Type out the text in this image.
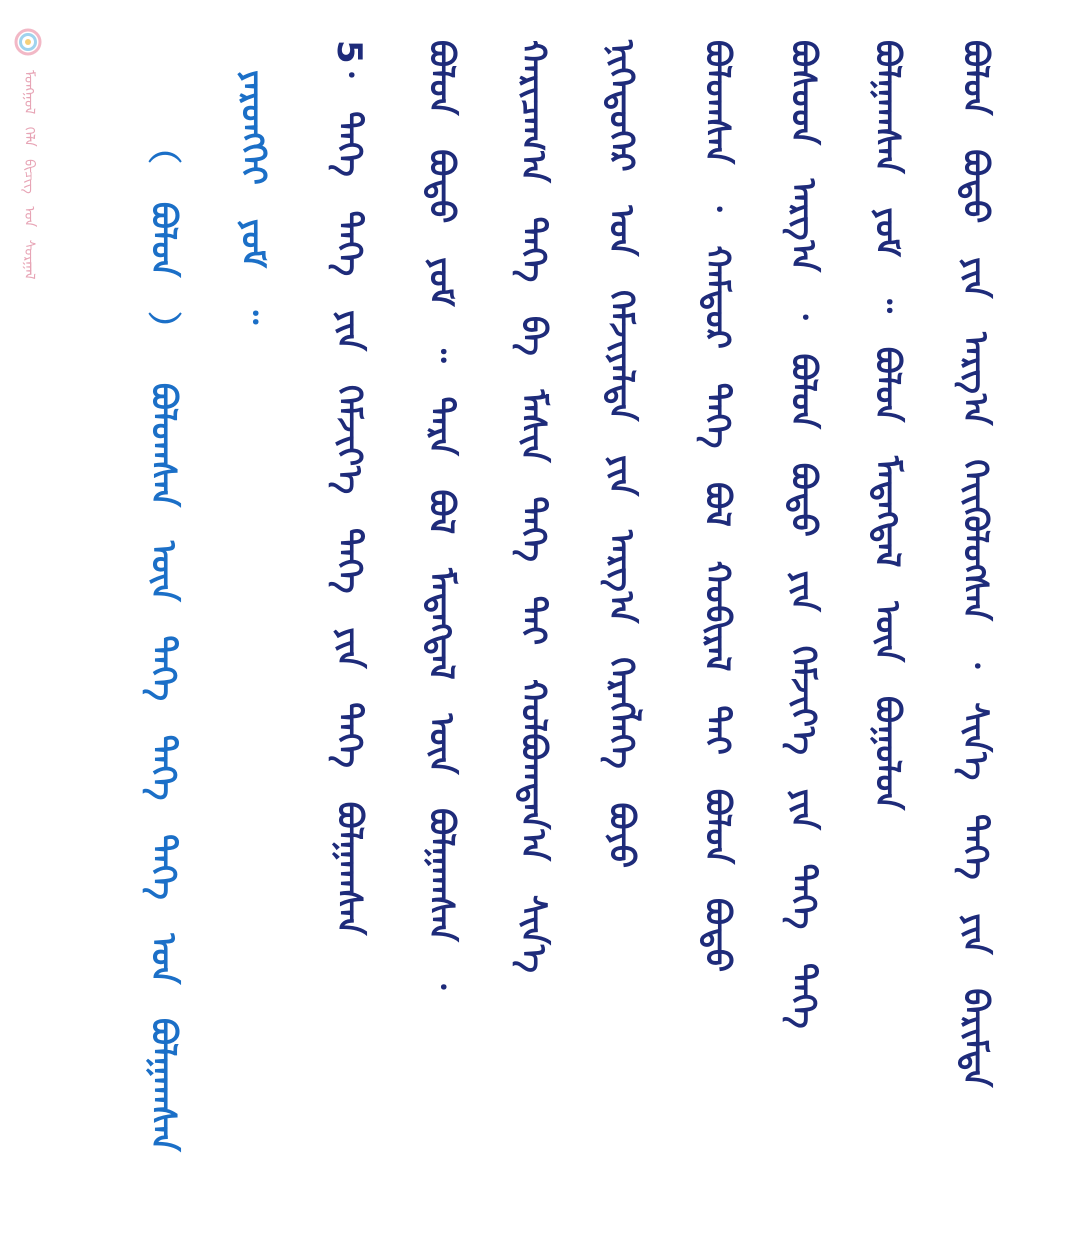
ᠮᠣᠩᠭᠣᠯ ᠬᠡᠯᠡ ᠪᠢᠴᠢᠭ ᠤᠨ ᠰᠤᠷᠭᠠᠯ	ᠪᠣᠯᠣᠨ ᠪᠣᠳᠤ ᠶᠢᠨ ᠠᠷᠭ᠎ᠠ ᠭᠡᠶ᠋ᠢᠭᠦᠯᠦᠭᠰᠡᠨ ᠂ ᠰᠢᠨ᠎ᠡ ᠲᠡᠬᠡ ᠶᠢᠨ ᠪᠠᠷᠢᠮᠲᠠ
ᠪᠣᠯᠭᠠᠭᠰᠠᠨ ᠶᠤᠮ ᠃ ᠪᠣᠯᠤᠨ ᠮᠡᠳᠡᠭᠳᠡᠯ ᠦᠨ ᠪᠣᠭᠣᠯᠤᠨ
ᠪᠤᠰᠤᠳ ᠠᠷᠭ᠎ᠠ ᠂ ᠪᠣᠯᠤᠨ ᠪᠣᠳᠤ ᠶᠢᠨ ᠬᠡᠮᠵᠢᠶ᠎ᠡ ᠶᠢᠨ ᠲᠡᠬᠡ ᠲᠡᠬᠡ
ᠪᠣᠯᠣᠭᠰᠠᠨ ᠂ ᠬᠠᠮᠲᠤᠷ ᠲᠡᠬᠡ ᠪᠣᠯ ᠬᠤᠪᠢᠷᠠᠯ ᠲᠡᠶ ᠪᠣᠯᠣᠨ ᠪᠣᠳᠤ
ᠨᠢᠭᠡᠳᠦᠭᠡᠷ ᠤᠨ ᠬᠡᠮᠵᠢᠶᠡᠯᠲᠡ ᠶᠢᠨ ᠠᠷᠭ᠎ᠠ ᠬᠡᠷᠡᠭᠯᠡᠭᠡ ᠪᠤᠶᠤ
ᠬᠠᠷᠢᠴᠠᠭ᠎ᠠ ᠲᠡᠬᠡ ᠪᠠ ᠮᠠᠰᠢᠨ ᠲᠡᠬᠡ ᠲᠡᠶ ᠬᠣᠯᠪᠣᠭᠳᠠᠨ᠎ᠠ ᠰᠢᠨ᠎ᠡ
ᠪᠣᠯᠣᠨ ᠪᠣᠳᠤ ᠶᠤᠮ ᠃ ᠲᠡᠷᠡ ᠪᠣᠯ ᠮᠡᠳᠡᠭᠳᠡᠯ ᠦᠨ ᠪᠣᠯᠭᠠᠭᠰᠠᠨ ᠂
5᠂ ᠲᠡᠬᠡ ᠲᠡᠬᠡ ᠶᠢᠨ ᠬᠡᠮᠵᠢᠶ᠎ᠡ ᠲᠡᠬᠡ ᠶᠢᠨ ᠲᠡᠬᠡ ᠪᠣᠯᠭᠠᠭᠰᠠᠨ
ᠶᠡᠷᠦᠩᠬᠡᠶ ᠶᠤᠮ ᠃
（ ᠪᠣᠯᠣᠨ ） ᠪᠣᠯᠣᠭᠰᠠᠨ ᠦᠨ ᠲᠡᠬᠡ ᠲᠡᠬᠡ ᠲᠡᠬᠡ ᠤᠨ ᠪᠣᠯᠭᠠᠭᠰᠠᠨ
